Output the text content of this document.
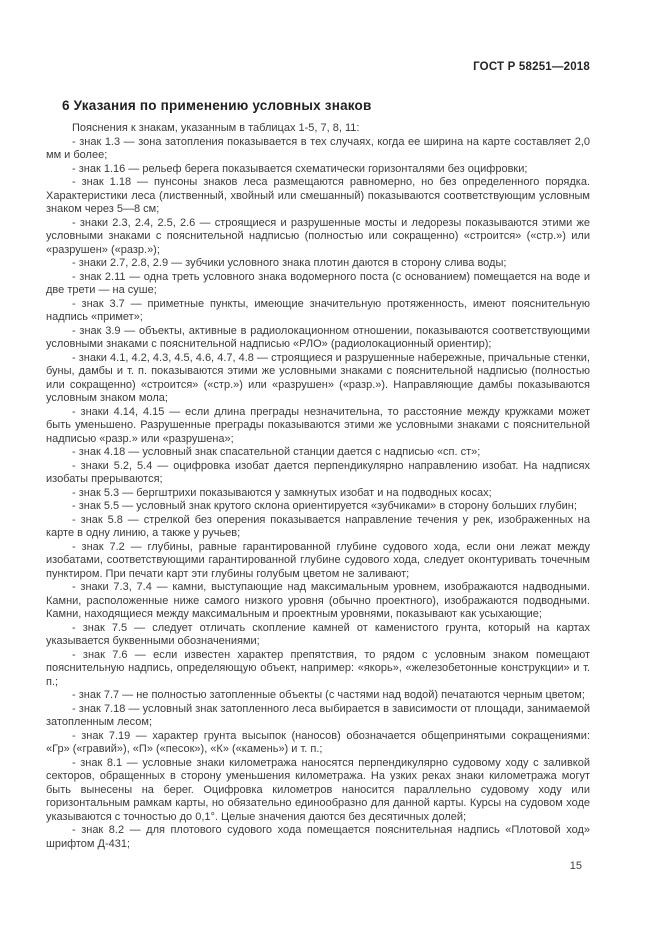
ГОСТ Р 58251—2018
6 Указания по применению условных знаков

Пояснения к знакам, указанным в таблицах 1-5, 7, 8, 11:

- знак 1.3 — зона затопления показывается в тех случаях, когда ее ширина на карте составляет 2,0 мм и более;

- знак 1.16 — рельеф берега показывается схематически горизонталями без оцифровки;

- знак 1.18 — пунсоны знаков леса размещаются равномерно, но без определенного порядка. Характеристики леса (лиственный, хвойный или смешанный) показываются соответствующим условным знаком через 5—8 см;

- знаки 2.3, 2.4, 2.5, 2.6 — строящиеся и разрушенные мосты и ледорезы показываются этими же условными знаками с пояснительной надписью (полностью или сокращенно) «строится» («стр.») или «разрушен» («разр.»);

- знаки 2.7, 2.8, 2.9 — зубчики условного знака плотин даются в сторону слива воды;

- знак 2.11 — одна треть условного знака водомерного поста (с основанием) помещается на воде и две трети — на суше;

- знак 3.7 — приметные пункты, имеющие значительную протяженность, имеют пояснительную надпись «примет»;

- знак 3.9 — объекты, активные в радиолокационном отношении, показываются соответствующими условными знаками с пояснительной надписью «РЛО» (радиолокационный ориентир);

- знаки 4.1, 4.2, 4.3, 4.5, 4.6, 4.7, 4.8 — строящиеся и разрушенные набережные, причальные стенки, буны, дамбы и т. п. показываются этими же условными знаками с пояснительной надписью (полностью или сокращенно) «строится» («стр.») или «разрушен» («разр.»). Направляющие дамбы показываются условным знаком мола;

- знаки 4.14, 4.15 — если длина преграды незначительна, то расстояние между кружками может быть уменьшено. Разрушенные преграды показываются этими же условными знаками с пояснительной надписью «разр.» или «разрушена»;

- знак 4.18 — условный знак спасательной станции дается с надписью «сп. ст»;

- знаки 5.2, 5.4 — оцифровка изобат дается перпендикулярно направлению изобат. На надписях изобаты прерываются;

- знак 5.3 — бергштрихи показываются у замкнутых изобат и на подводных косах;

- знак 5.5 — условный знак крутого склона ориентируется «зубчиками» в сторону больших глубин;

- знак 5.8 — стрелкой без оперения показывается направление течения у рек, изображенных на карте в одну линию, а также у ручьев;

- знак 7.2 — глубины, равные гарантированной глубине судового хода, если они лежат между изобатами, соответствующими гарантированной глубине судового хода, следует оконтуривать точечным пунктиром. При печати карт эти глубины голубым цветом не заливают;

- знаки 7.3, 7.4 — камни, выступающие над максимальным уровнем, изображаются надводными. Камни, расположенные ниже самого низкого уровня (обычно проектного), изображаются подводными. Камни, находящиеся между максимальным и проектным уровнями, показывают как усыхающие;

- знак 7.5 — следует отличать скопление камней от каменистого грунта, который на картах указывается буквенными обозначениями;

- знак 7.6 — если известен характер препятствия, то рядом с условным знаком помещают пояснительную надпись, определяющую объект, например: «якорь», «железобетонные конструкции» и т. п.;

- знак 7.7 — не полностью затопленные объекты (с частями над водой) печатаются черным цветом;

- знак 7.18 — условный знак затопленного леса выбирается в зависимости от площади, занимаемой затопленным лесом;

- знак 7.19 — характер грунта высыпок (наносов) обозначается общепринятыми сокращениями: «Гр» («гравий»), «П» («песок»), «К» («камень») и т. п.;

- знак 8.1 — условные знаки километража наносятся перпендикулярно судовому ходу с заливкой секторов, обращенных в сторону уменьшения километража. На узких реках знаки километража могут быть вынесены на берег. Оцифровка километров наносится параллельно судовому ходу или горизонтальным рамкам карты, но обязательно единообразно для данной карты. Курсы на судовом ходе указываются с точностью до 0,1°. Целые значения даются без десятичных долей;

- знак 8.2 — для плотового судового хода помещается пояснительная надпись «Плотовой ход» шрифтом Д-431;

15
